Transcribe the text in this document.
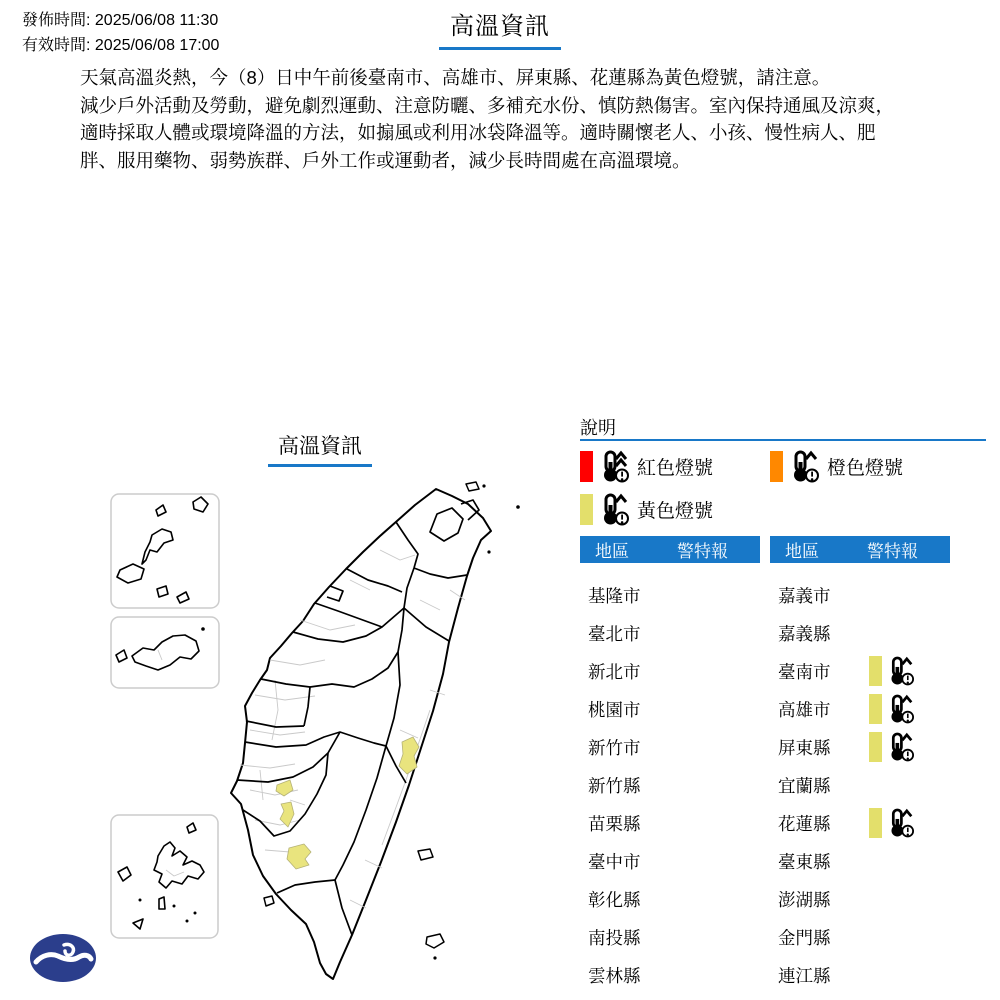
發佈時間: 2025/06/08 11:30
有效時間: 2025/06/08 17:00
高溫資訊

天氣高溫炎熱，今（8）日中午前後臺南市、高雄市、屏東縣、花蓮縣為黃色燈號，請注意。

減少戶外活動及勞動，避免劇烈運動、注意防曬、多補充水份、慎防熱傷害。室內保持通風及涼爽，適時採取人體或環境降溫的方法，如搧風或利用冰袋降溫等。適時關懷老人、小孩、慢性病人、肥胖、服用藥物、弱勢族群、戶外工作或運動者，減少長時間處在高溫環境。

高溫資訊
說明
紅色燈號	橙色燈號
黃色燈號
地區	警特報
基隆市
臺北市
新北市
桃園市
新竹市
新竹縣
苗栗縣
臺中市
彰化縣
南投縣
雲林縣
地區	警特報
嘉義市
嘉義縣
臺南市
高雄市
屏東縣
宜蘭縣
花蓮縣
臺東縣
澎湖縣
金門縣
連江縣
